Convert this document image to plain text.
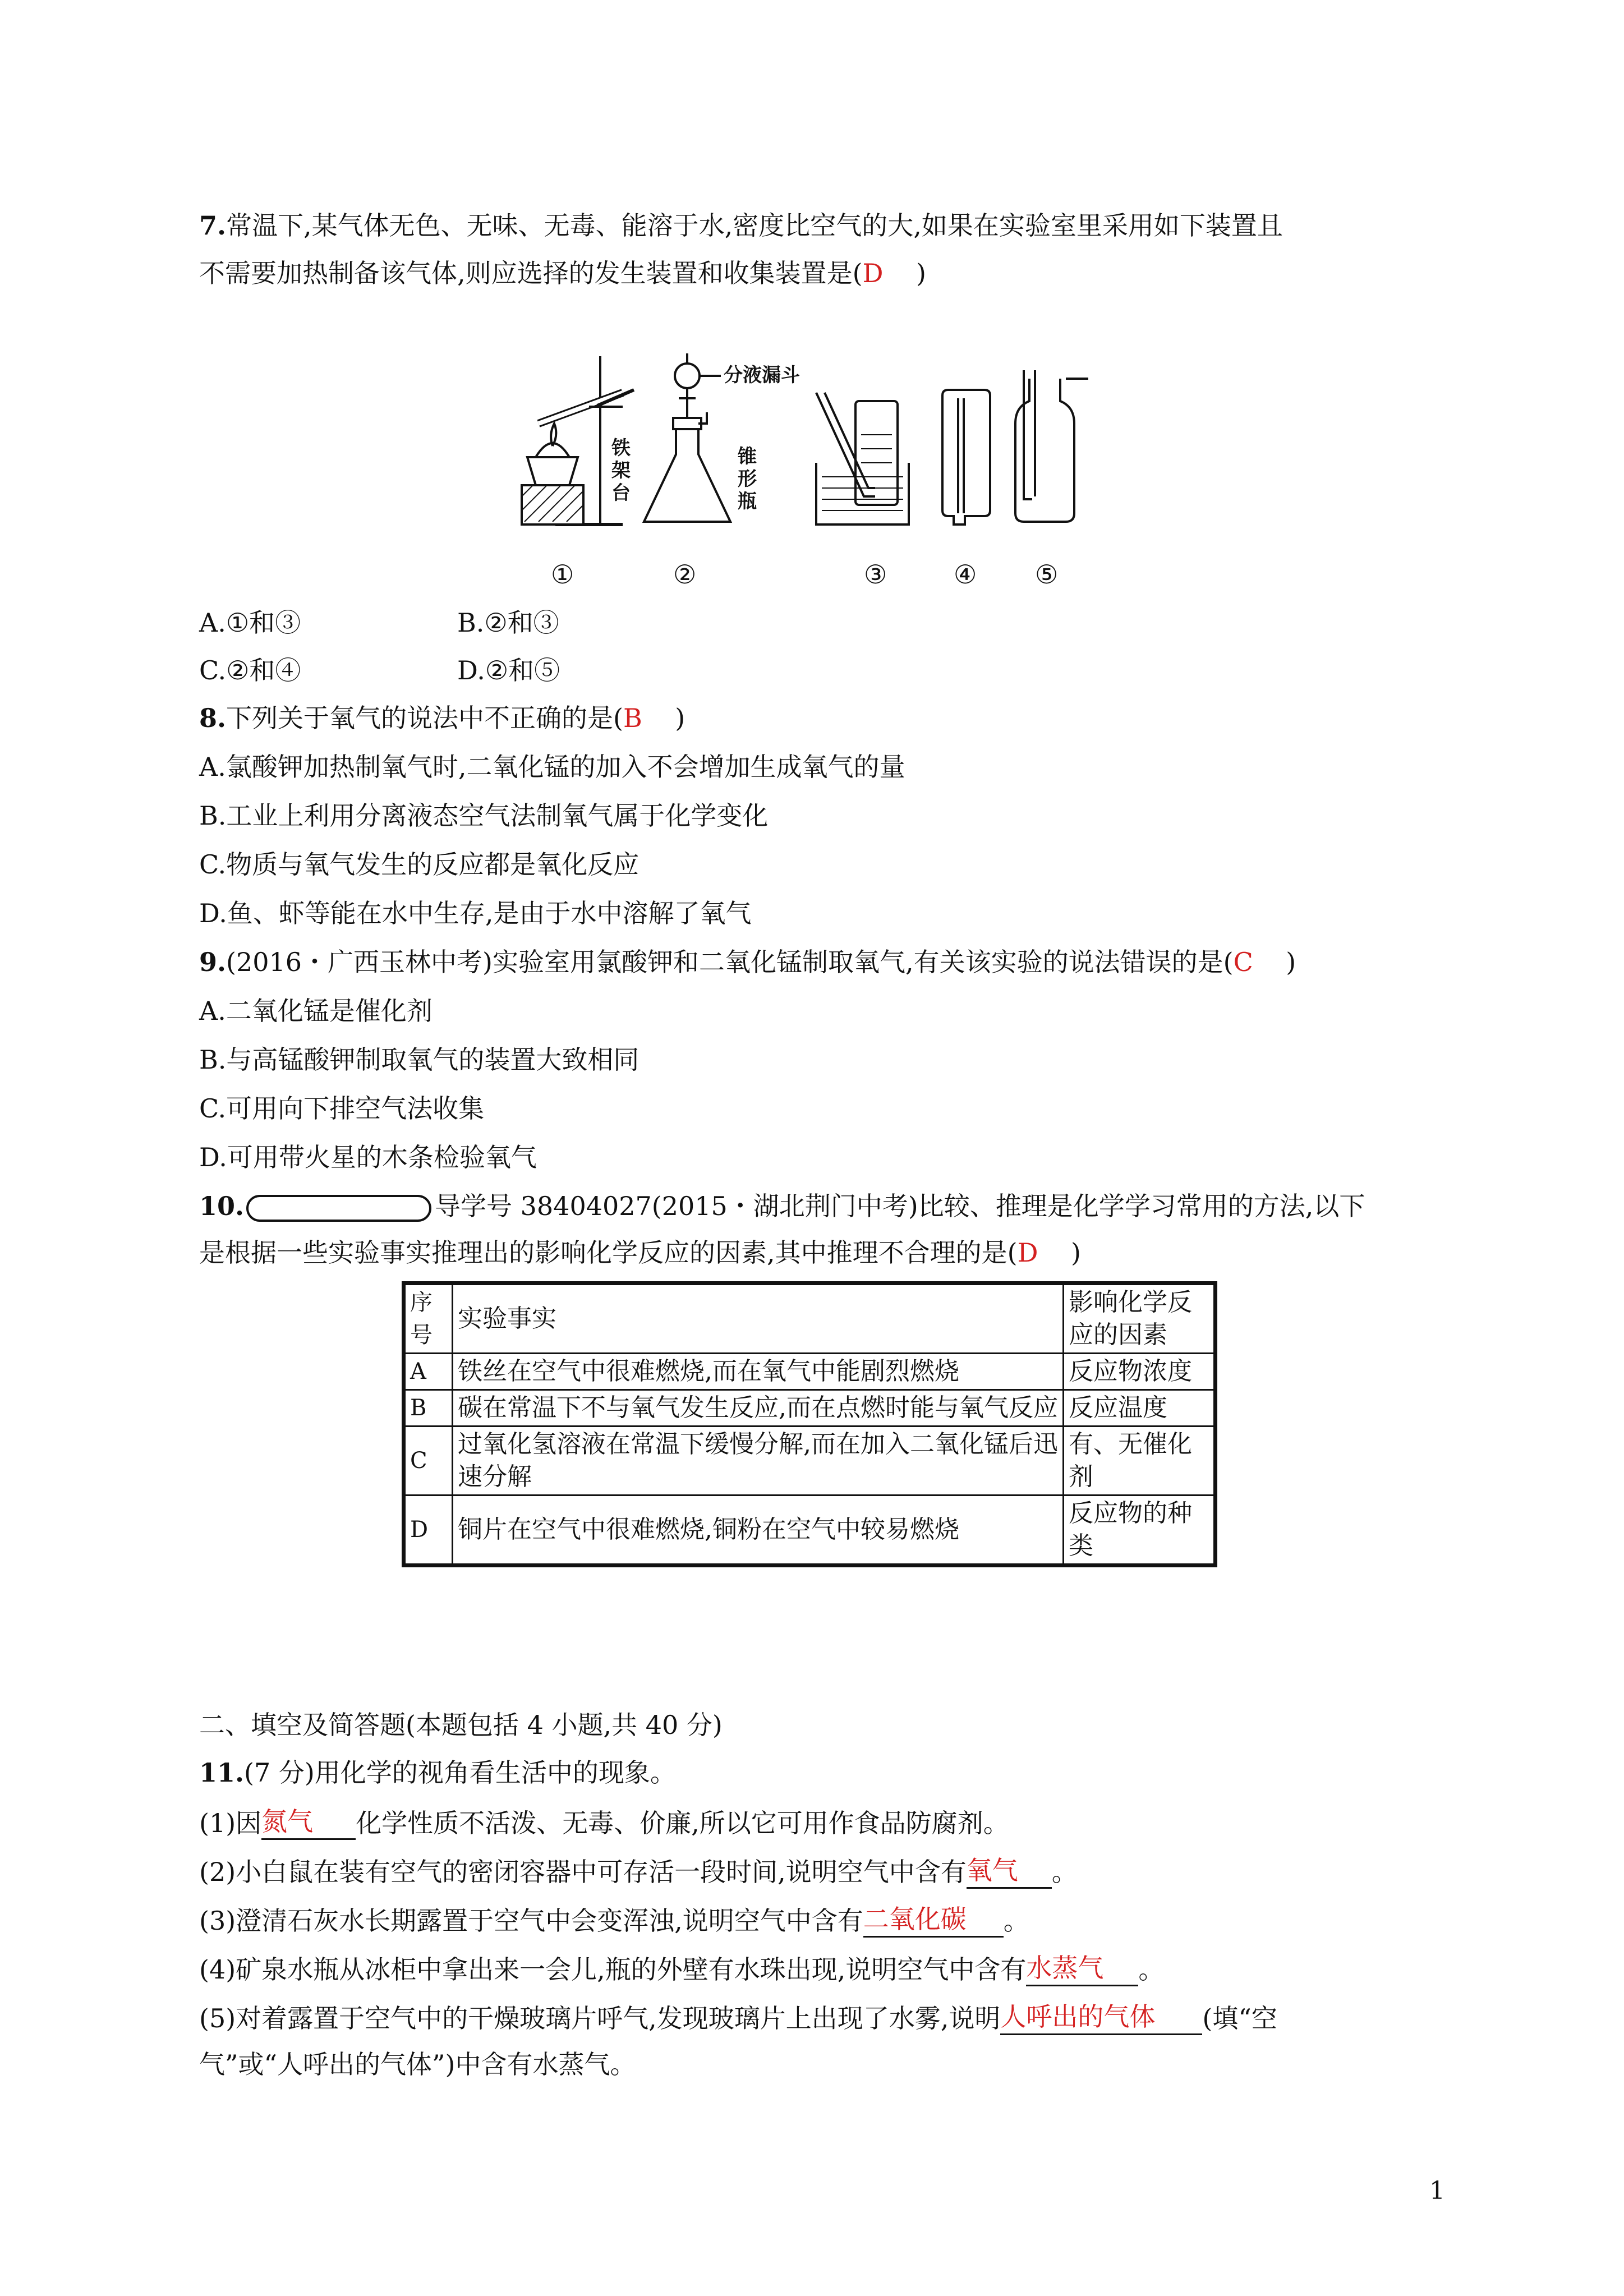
7.常温下,某气体无色、无味、无毒、能溶于水,密度比空气的大,如果在实验室里采用如下装置且
不需要加热制备该气体,则应选择的发生装置和收集装置是(D    )
铁
架
台
分液漏斗
锥
形
瓶
①	②	③	④ ⑤
A.①和③	B.②和③
C.②和④	D.②和⑤
8.下列关于氧气的说法中不正确的是(B    )
A.氯酸钾加热制氧气时,二氧化锰的加入不会增加生成氧气的量
B.工业上利用分离液态空气法制氧气属于化学变化
C.物质与氧气发生的反应都是氧化反应
D.鱼、虾等能在水中生存,是由于水中溶解了氧气
9.(2016・广西玉林中考)实验室用氯酸钾和二氧化锰制取氧气,有关该实验的说法错误的是(C    )
A.二氧化锰是催化剂
B.与高锰酸钾制取氧气的装置大致相同
C.可用向下排空气法收集
D.可用带火星的木条检验氧气
10.	导学号 38404027(2015・湖北荆门中考)比较、推理是化学学习常用的方法,以下
是根据一些实验事实推理出的影响化学反应的因素,其中推理不合理的是(D    )
序号	实验事实	影响化学反应的因素
A	铁丝在空气中很难燃烧,而在氧气中能剧烈燃烧	反应物浓度
B	碳在常温下不与氧气发生反应,而在点燃时能与氧气反应	反应温度
C	过氧化氢溶液在常温下缓慢分解,而在加入二氧化锰后迅速分解	有、无催化剂
D	铜片在空气中很难燃烧,铜粉在空气中较易燃烧	反应物的种类
二、填空及简答题(本题包括 4 小题,共 40 分)
11.(7 分)用化学的视角看生活中的现象。
(1)因氮气 化学性质不活泼、无毒、价廉,所以它可用作食品防腐剂。
(2)小白鼠在装有空气的密闭容器中可存活一段时间,说明空气中含有氧气 。
(3)澄清石灰水长期露置于空气中会变浑浊,说明空气中含有二氧化碳 。
(4)矿泉水瓶从冰柜中拿出来一会儿,瓶的外壁有水珠出现,说明空气中含有水蒸气 。
(5)对着露置于空气中的干燥玻璃片呼气,发现玻璃片上出现了水雾,说明人呼出的气体 (填“空
气”或“人呼出的气体”)中含有水蒸气。
1
